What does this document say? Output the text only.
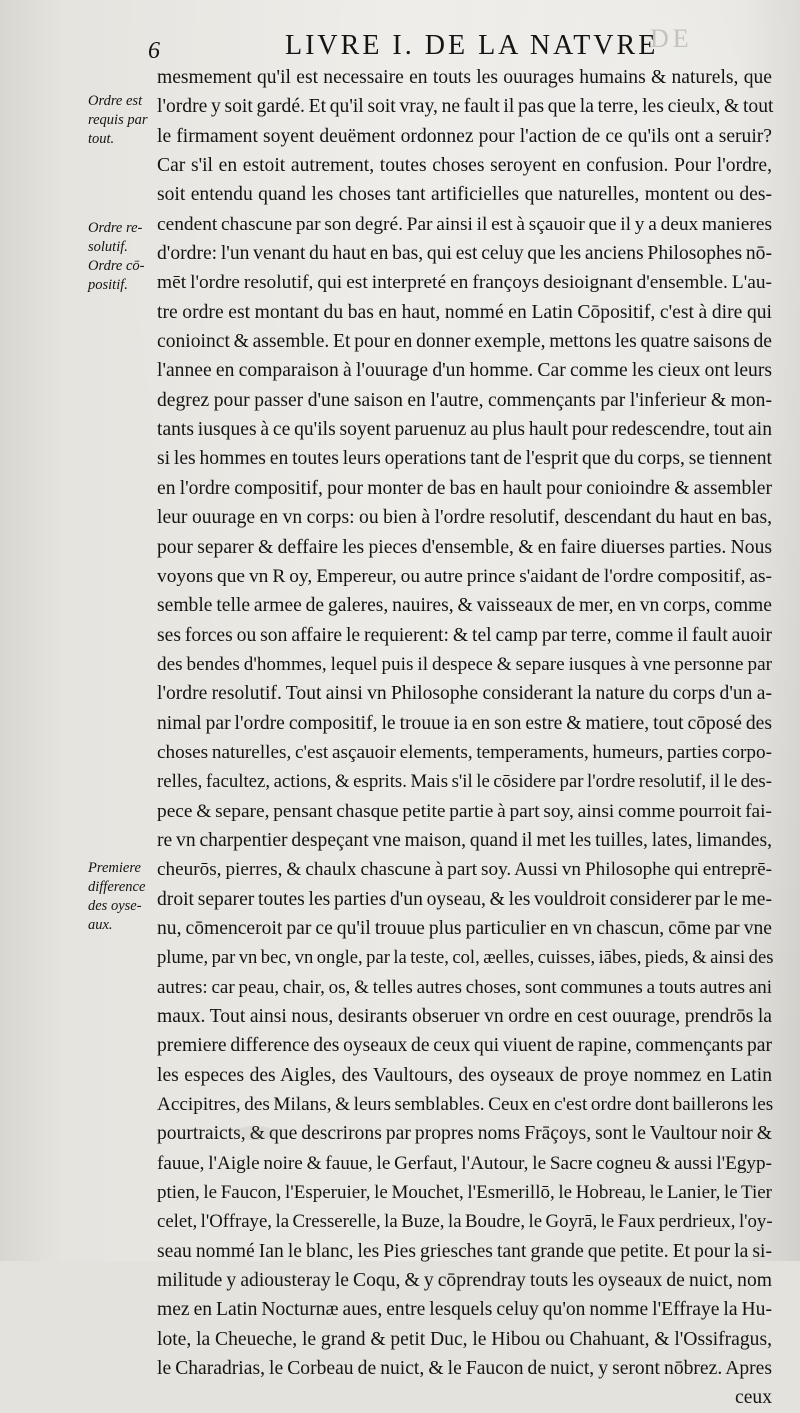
DE
6	LIVRE I. DE LA NATVRE
Ordre est
requis par
tout.
Ordre re-
solutif.
Ordre cō-
positif.
Premiere
difference
des oyse-
aux.
mesmement qu'il est necessaire en touts les ouurages humains & naturels, que
l'ordre y soit gardé. Et qu'il soit vray, ne fault il pas que la terre, les cieulx, & tout
le firmament soyent deuëment ordonnez pour l'action de ce qu'ils ont a seruir?
Car s'il en estoit autrement, toutes choses seroyent en confusion. Pour l'ordre,
soit entendu quand les choses tant artificielles que naturelles, montent ou des-
cendent chascune par son degré. Par ainsi il est à sçauoir que il y a deux manieres
d'ordre: l'un venant du haut en bas, qui est celuy que les anciens Philosophes nō-
mēt l'ordre resolutif, qui est interpreté en françoys desioignant d'ensemble. L'au-
tre ordre est montant du bas en haut, nommé en Latin Cōpositif, c'est à dire qui
conioinct & assemble. Et pour en donner exemple, mettons les quatre saisons de
l'annee en comparaison à l'ouurage d'un homme. Car comme les cieux ont leurs
degrez pour passer d'une saison en l'autre, commençants par l'inferieur & mon-
tants iusques à ce qu'ils soyent paruenuz au plus hault pour redescendre, tout ain
si les hommes en toutes leurs operations tant de l'esprit que du corps, se tiennent
en l'ordre compositif, pour monter de bas en hault pour conioindre & assembler
leur ouurage en vn corps: ou bien à l'ordre resolutif, descendant du haut en bas,
pour separer & deffaire les pieces d'ensemble, & en faire diuerses parties. Nous
voyons que vn R oy, Empereur, ou autre prince s'aidant de l'ordre compositif, as-
semble telle armee de galeres, nauires, & vaisseaux de mer, en vn corps, comme
ses forces ou son affaire le requierent: & tel camp par terre, comme il fault auoir
des bendes d'hommes, lequel puis il despece & separe iusques à vne personne par
l'ordre resolutif. Tout ainsi vn Philosophe considerant la nature du corps d'un a-
nimal par l'ordre compositif, le trouue ia en son estre & matiere, tout cōposé des
choses naturelles, c'est asçauoir elements, temperaments, humeurs, parties corpo-
relles, facultez, actions, & esprits. Mais s'il le cōsidere par l'ordre resolutif, il le des-
pece & separe, pensant chasque petite partie à part soy, ainsi comme pourroit fai-
re vn charpentier despeçant vne maison, quand il met les tuilles, lates, limandes,
cheurōs, pierres, & chaulx chascune à part soy. Aussi vn Philosophe qui entreprē-
droit separer toutes les parties d'un oyseau, & les vouldroit considerer par le me-
nu, cōmenceroit par ce qu'il trouue plus particulier en vn chascun, cōme par vne
plume, par vn bec, vn ongle, par la teste, col, æelles, cuisses, iābes, pieds, & ainsi des
autres: car peau, chair, os, & telles autres choses, sont communes a touts autres ani
maux. Tout ainsi nous, desirants obseruer vn ordre en cest ouurage, prendrōs la
premiere difference des oyseaux de ceux qui viuent de rapine, commençants par
les especes des Aigles, des Vaultours, des oyseaux de proye nommez en Latin
Accipitres, des Milans, & leurs semblables. Ceux en c'est ordre dont baillerons les
pourtraicts, & que descrirons par propres noms Frāçoys, sont le Vaultour noir &
fauue, l'Aigle noire & fauue, le Gerfaut, l'Autour, le Sacre cogneu & aussi l'Egyp-
ptien, le Faucon, l'Esperuier, le Mouchet, l'Esmerillō, le Hobreau, le Lanier, le Tier
celet, l'Offraye, la Cresserelle, la Buze, la Boudre, le Goyrā, le Faux perdrieux, l'oy-
seau nommé Ian le blanc, les Pies griesches tant grande que petite. Et pour la si-
militude y adiousteray le Coqu, & y cōprendray touts les oyseaux de nuict, nom
mez en Latin Nocturnæ aues, entre lesquels celuy qu'on nomme l'Effraye la Hu-
lote, la Cheueche, le grand & petit Duc, le Hibou ou Chahuant, & l'Ossifragus,
le Charadrias, le Corbeau de nuict, & le Faucon de nuict, y seront nōbrez. Apres
ceux
